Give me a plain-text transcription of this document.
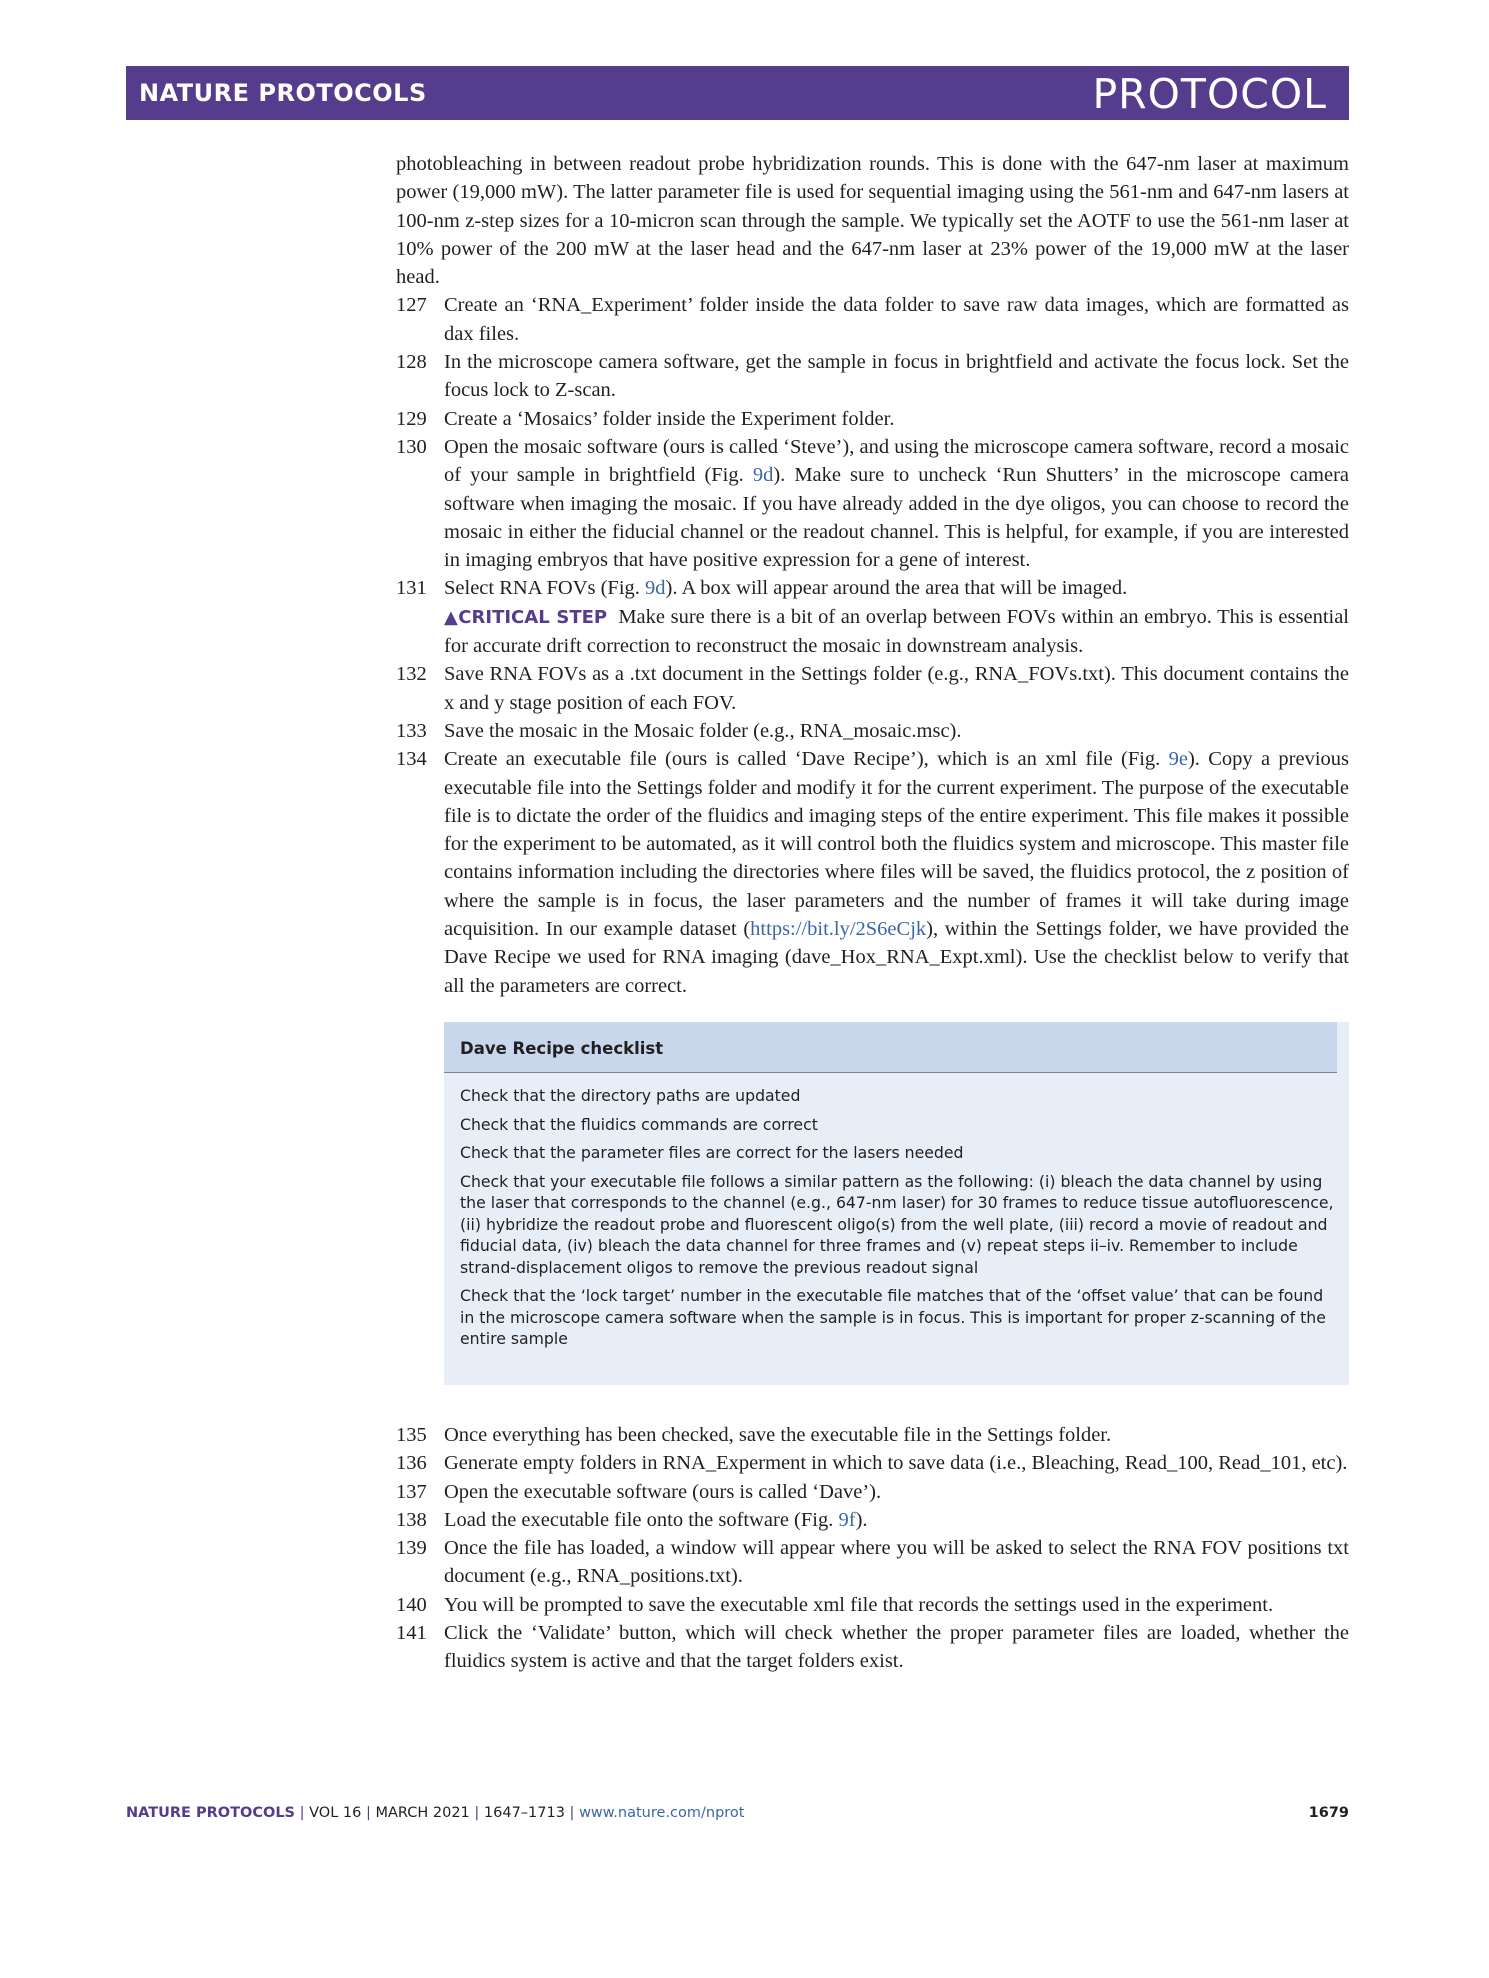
NATURE PROTOCOLS	PROTOCOL

photobleaching in between readout probe hybridization rounds. This is done with the 647-nm laser at maximum power (19,000 mW). The latter parameter file is used for sequential imaging using the 561-nm and 647-nm lasers at 100-nm z-step sizes for a 10-micron scan through the sample. We typically set the AOTF to use the 561-nm laser at 10% power of the 200 mW at the laser head and the 647-nm laser at 23% power of the 19,000 mW at the laser head.

127 Create an ‘RNA_Experiment’ folder inside the data folder to save raw data images, which are formatted as dax files.
128 In the microscope camera software, get the sample in focus in brightfield and activate the focus lock. Set the focus lock to Z-scan.
129 Create a ‘Mosaics’ folder inside the Experiment folder.
130 Open the mosaic software (ours is called ‘Steve’), and using the microscope camera software, record a mosaic of your sample in brightfield (Fig. 9d). Make sure to uncheck ‘Run Shutters’ in the microscope camera software when imaging the mosaic. If you have already added in the dye oligos, you can choose to record the mosaic in either the fiducial channel or the readout channel. This is helpful, for example, if you are interested in imaging embryos that have positive expression for a gene of interest.
131 Select RNA FOVs (Fig. 9d). A box will appear around the area that will be imaged.

▲CRITICAL STEP Make sure there is a bit of an overlap between FOVs within an embryo. This is essential for accurate drift correction to reconstruct the mosaic in downstream analysis.

132 Save RNA FOVs as a .txt document in the Settings folder (e.g., RNA_FOVs.txt). This document contains the x and y stage position of each FOV.
133 Save the mosaic in the Mosaic folder (e.g., RNA_mosaic.msc).
134 Create an executable file (ours is called ‘Dave Recipe’), which is an xml file (Fig. 9e). Copy a previous executable file into the Settings folder and modify it for the current experiment. The purpose of the executable file is to dictate the order of the fluidics and imaging steps of the entire experiment. This file makes it possible for the experiment to be automated, as it will control both the fluidics system and microscope. This master file contains information including the directories where files will be saved, the fluidics protocol, the z position of where the sample is in focus, the laser parameters and the number of frames it will take during image acquisition. In our example dataset (https://bit.ly/2S6eCjk), within the Settings folder, we have provided the Dave Recipe we used for RNA imaging (dave_Hox_RNA_Expt.xml). Use the checklist below to verify that all the parameters are correct.
Dave Recipe checklist
Check that the directory paths are updated
Check that the fluidics commands are correct
Check that the parameter files are correct for the lasers needed
Check that your executable file follows a similar pattern as the following: (i) bleach the data channel by using the laser that corresponds to the channel (e.g., 647-nm laser) for 30 frames to reduce tissue autofluorescence, (ii) hybridize the readout probe and fluorescent oligo(s) from the well plate, (iii) record a movie of readout and fiducial data, (iv) bleach the data channel for three frames and (v) repeat steps ii–iv. Remember to include strand-displacement oligos to remove the previous readout signal
Check that the ‘lock target’ number in the executable file matches that of the ‘offset value’ that can be found in the microscope camera software when the sample is in focus. This is important for proper z-scanning of the entire sample
135 Once everything has been checked, save the executable file in the Settings folder.
136 Generate empty folders in RNA_Experment in which to save data (i.e., Bleaching, Read_100, Read_101, etc).
137 Open the executable software (ours is called ‘Dave’).
138 Load the executable file onto the software (Fig. 9f).
139 Once the file has loaded, a window will appear where you will be asked to select the RNA FOV positions txt document (e.g., RNA_positions.txt).
140 You will be prompted to save the executable xml file that records the settings used in the experiment.
141 Click the ‘Validate’ button, which will check whether the proper parameter files are loaded, whether the fluidics system is active and that the target folders exist.
NATURE PROTOCOLS | VOL 16 | MARCH 2021 | 1647–1713 | www.nature.com/nprot	1679
